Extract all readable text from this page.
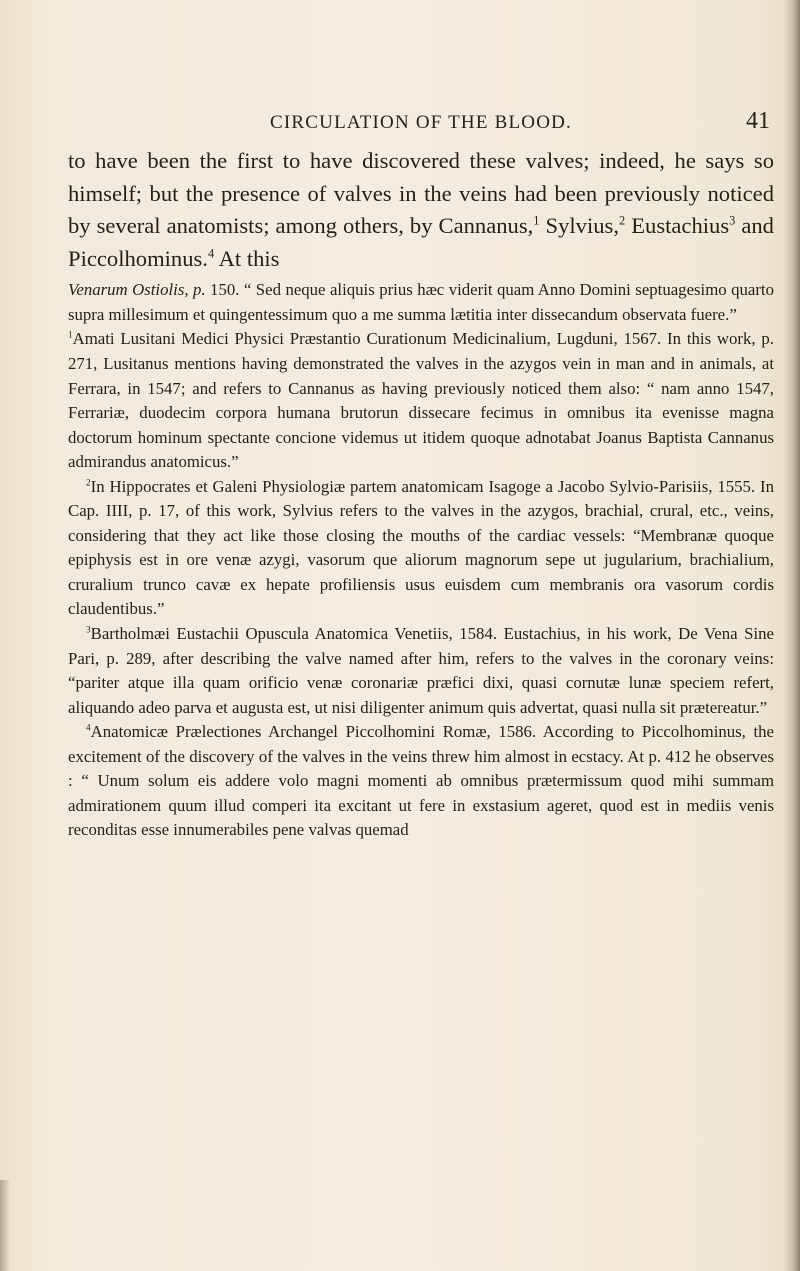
CIRCULATION OF THE BLOOD.	41

to have been the first to have discovered these valves; indeed, he says so himself; but the presence of valves in the veins had been previously noticed by several anatomists; among others, by Cannanus,$^1$ Sylvius,$^2$ Eustachius$^3$ and Piccolhominus.$^4$ At this

Venarum Ostiolis, p. 150. “ Sed neque aliquis prius hæc viderit quam Anno Domini septuagesimo quarto supra millesimum et quingentessimum quo a me summa lætitia inter dissecandum observata fuere.”

$^1$Amati Lusitani Medici Physici Præstantio Curationum Medicinalium, Lugduni, 1567. In this work, p. 271, Lusitanus mentions having demonstrated the valves in the azygos vein in man and in animals, at Ferrara, in 1547; and refers to Cannanus as having previously noticed them also: “ nam anno 1547, Ferrariæ, duodecim corpora humana brutorun dissecare fecimus in omnibus ita evenisse magna doctorum hominum spectante concione videmus ut itidem quoque adnotabat Joanus Baptista Cannanus admirandus anatomicus.”

$^2$In Hippocrates et Galeni Physiologiæ partem anatomicam Isagoge a Jacobo Sylvio-Parisiis, 1555. In Cap. IIII, p. 17, of this work, Sylvius refers to the valves in the azygos, brachial, crural, etc., veins, considering that they act like those closing the mouths of the cardiac vessels: “Membranæ quoque epiphysis est in ore venæ azygi, vasorum que aliorum magnorum sepe ut jugularium, brachialium, cruralium trunco cavæ ex hepate profiliensis usus euisdem cum membranis ora vasorum cordis claudentibus.”

$^3$Bartholmæi Eustachii Opuscula Anatomica Venetiis, 1584. Eustachius, in his work, De Vena Sine Pari, p. 289, after describing the valve named after him, refers to the valves in the coronary veins: “pariter atque illa quam orificio venæ coronariæ præfici dixi, quasi cornutæ lunæ speciem refert, aliquando adeo parva et augusta est, ut nisi diligenter animum quis advertat, quasi nulla sit prætereatur.”

$^4$Anatomicæ Prælectiones Archangel Piccolhomini Romæ, 1586. According to Piccolhominus, the excitement of the discovery of the valves in the veins threw him almost in ecstacy. At p. 412 he observes : “ Unum solum eis addere volo magni momenti ab omnibus prætermissum quod mihi summam admirationem quum illud comperi ita excitant ut fere in exstasium ageret, quod est in mediis venis reconditas esse innumerabiles pene valvas quemad
